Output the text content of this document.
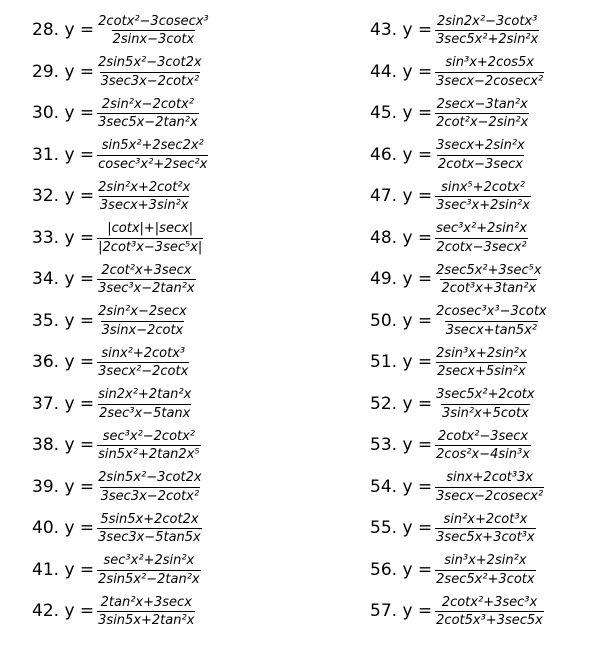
28. $y = \frac{\text{2cotx²−3cosecx³}}{2\sin x-3\cot x}$
29. $y = \frac{\text{2sin5x²−3cot2x}}{\text{3sec3x−2cotx²}}$
30. $y = \frac{\text{2sin²x−2cotx²}}{\text{3sec5x−2tan²x}}$
31. $y = \frac{\text{sin5x²+2sec2x²}}{\text{cosec³x²+2sec²x}}$
32. $y = \frac{\text{2sin²x+2cot²x}}{\text{3secx+3sin²x}}$
33. $y = \frac{|\cot x|+|\sec x|}{\text{|2cot³x−3sec⁵x|}}$
34. $y = \frac{\text{2cot²x+3secx}}{\text{3sec³x−2tan²x}}$
35. $y = \frac{\text{2sin²x−2secx}}{3\sin x-2\cot x}$
36. $y = \frac{\text{sinx²+2cotx³}}{\text{3secx²−2cotx}}$
37. $y = \frac{\text{sin2x²+2tan²x}}{\text{2sec³x−5tanx}}$
38. $y = \frac{\text{sec³x²−2cotx²}}{\text{sin5x²+2tan2x⁵}}$
39. $y = \frac{\text{2sin5x²−3cot2x}}{\text{3sec3x−2cotx²}}$
40. $y = \frac{5\sin 5x+2\cot 2x}{3\sec 3x-5\tan 5x}$
41. $y = \frac{\text{sec³x²+2sin²x}}{\text{2sin5x²−2tan²x}}$
42. $y = \frac{\text{2tan²x+3secx}}{\text{3sin5x+2tan²x}}$
43. $y = \frac{\text{2sin2x²−3cotx³}}{\text{3sec5x²+2sin²x}}$
44. $y = \frac{\text{sin³x+2cos5x}}{\text{3secx−2cosecx²}}$
45. $y = \frac{\text{2secx−3tan²x}}{\text{2cot²x−2sin²x}}$
46. $y = \frac{\text{3secx+2sin²x}}{2\cot x-3\sec x}$
47. $y = \frac{\text{sinx⁵+2cotx²}}{\text{3sec³x+2sin²x}}$
48. $y = \frac{\text{sec³x²+2sin²x}}{\text{2cotx−3secx²}}$
49. $y = \frac{\text{2sec5x²+3sec⁵x}}{\text{2cot³x+3tan²x}}$
50. $y = \frac{\text{2cosec³x³−3cotx}}{\text{3secx+tan5x²}}$
51. $y = \frac{\text{2sin³x+2sin²x}}{\text{2secx+5sin²x}}$
52. $y = \frac{\text{3sec5x²+2cotx}}{\text{3sin²x+5cotx}}$
53. $y = \frac{\text{2cotx²−3secx}}{\text{2cos²x−4sin³x}}$
54. $y = \frac{\text{sinx+2cot³3x}}{\text{3secx−2cosecx²}}$
55. $y = \frac{\text{sin²x+2cot³x}}{\text{3sec5x+3cot³x}}$
56. $y = \frac{\text{sin³x+2sin²x}}{\text{2sec5x²+3cotx}}$
57. $y = \frac{\text{2cotx²+3sec³x}}{\text{2cot5x³+3sec5x}}$
